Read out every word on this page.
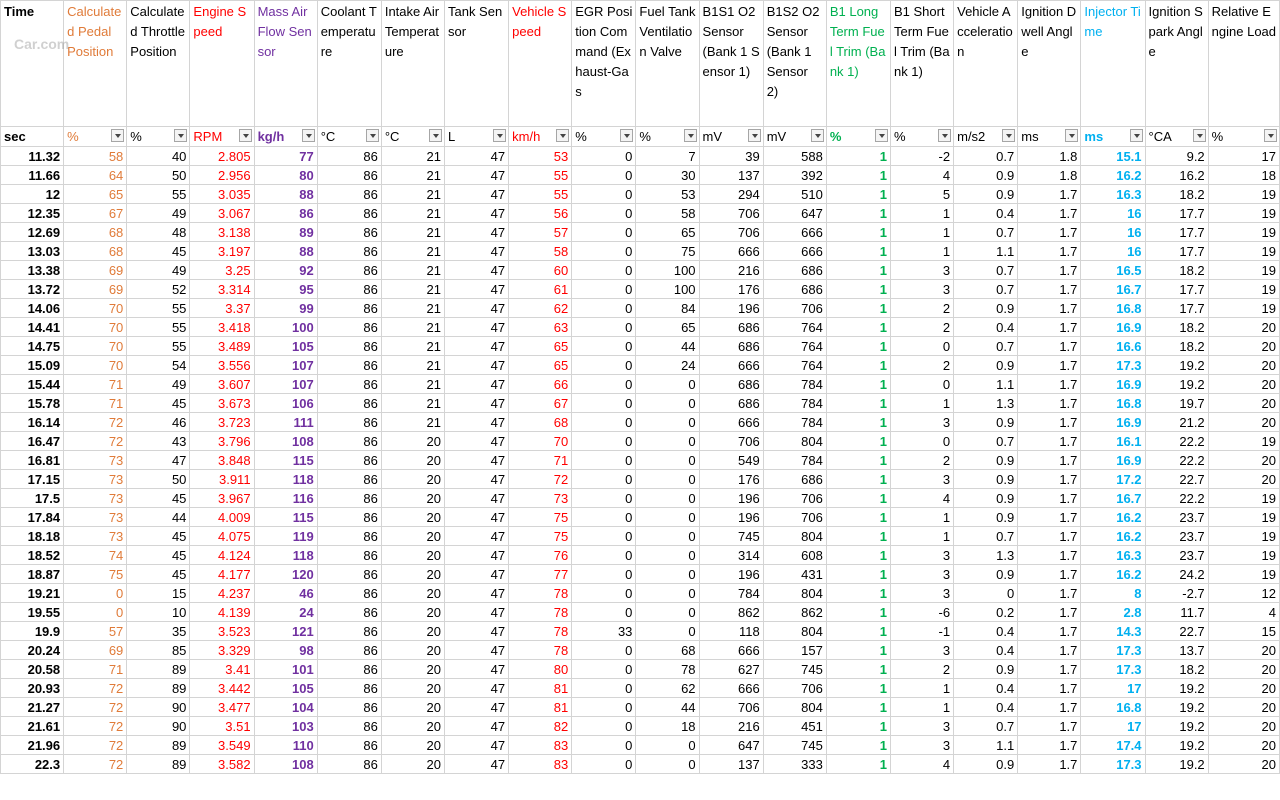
Car.com
Time	Calculated Pedal Position	Calculated Throttle Position	Engine Speed	Mass Air Flow Sensor	Coolant Temperature	Intake Air Temperature	Tank Sensor	Vehicle Speed	EGR Position Command (Exhaust-Gas	Fuel Tank Ventilation Valve	B1S1 O2 Sensor (Bank 1 Sensor 1)	B1S2 O2 Sensor (Bank 1 Sensor 2)	B1 Long Term Fuel Trim (Bank 1)	B1 Short Term Fuel Trim (Bank 1)	Vehicle Acceleration	Ignition Dwell Angle	Injector Time	Ignition Spark Angle	Relative Engine Load
sec	%	%	RPM	kg/h	°C	°C	L	km/h	%	%	mV	mV	%	%	m/s2	ms	ms	°CA	%

11.32	58	40	2.805	77	86	21	47	53	0	7	39	588	1	-2	0.7	1.8	15.1	9.2	17
11.66	64	50	2.956	80	86	21	47	55	0	30	137	392	1	4	0.9	1.8	16.2	16.2	18
12	65	55	3.035	88	86	21	47	55	0	53	294	510	1	5	0.9	1.7	16.3	18.2	19
12.35	67	49	3.067	86	86	21	47	56	0	58	706	647	1	1	0.4	1.7	16	17.7	19
12.69	68	48	3.138	89	86	21	47	57	0	65	706	666	1	1	0.7	1.7	16	17.7	19
13.03	68	45	3.197	88	86	21	47	58	0	75	666	666	1	1	1.1	1.7	16	17.7	19
13.38	69	49	3.25	92	86	21	47	60	0	100	216	686	1	3	0.7	1.7	16.5	18.2	19
13.72	69	52	3.314	95	86	21	47	61	0	100	176	686	1	3	0.7	1.7	16.7	17.7	19
14.06	70	55	3.37	99	86	21	47	62	0	84	196	706	1	2	0.9	1.7	16.8	17.7	19
14.41	70	55	3.418	100	86	21	47	63	0	65	686	764	1	2	0.4	1.7	16.9	18.2	20
14.75	70	55	3.489	105	86	21	47	65	0	44	686	764	1	0	0.7	1.7	16.6	18.2	20
15.09	70	54	3.556	107	86	21	47	65	0	24	666	764	1	2	0.9	1.7	17.3	19.2	20
15.44	71	49	3.607	107	86	21	47	66	0	0	686	784	1	0	1.1	1.7	16.9	19.2	20
15.78	71	45	3.673	106	86	21	47	67	0	0	686	784	1	1	1.3	1.7	16.8	19.7	20
16.14	72	46	3.723	111	86	21	47	68	0	0	666	784	1	3	0.9	1.7	16.9	21.2	20
16.47	72	43	3.796	108	86	20	47	70	0	0	706	804	1	0	0.7	1.7	16.1	22.2	19
16.81	73	47	3.848	115	86	20	47	71	0	0	549	784	1	2	0.9	1.7	16.9	22.2	20
17.15	73	50	3.911	118	86	20	47	72	0	0	176	686	1	3	0.9	1.7	17.2	22.7	20
17.5	73	45	3.967	116	86	20	47	73	0	0	196	706	1	4	0.9	1.7	16.7	22.2	19
17.84	73	44	4.009	115	86	20	47	75	0	0	196	706	1	1	0.9	1.7	16.2	23.7	19
18.18	73	45	4.075	119	86	20	47	75	0	0	745	804	1	1	0.7	1.7	16.2	23.7	19
18.52	74	45	4.124	118	86	20	47	76	0	0	314	608	1	3	1.3	1.7	16.3	23.7	19
18.87	75	45	4.177	120	86	20	47	77	0	0	196	431	1	3	0.9	1.7	16.2	24.2	19
19.21	0	15	4.237	46	86	20	47	78	0	0	784	804	1	3	0	1.7	8	-2.7	12
19.55	0	10	4.139	24	86	20	47	78	0	0	862	862	1	-6	0.2	1.7	2.8	11.7	4
19.9	57	35	3.523	121	86	20	47	78	33	0	118	804	1	-1	0.4	1.7	14.3	22.7	15
20.24	69	85	3.329	98	86	20	47	78	0	68	666	157	1	3	0.4	1.7	17.3	13.7	20
20.58	71	89	3.41	101	86	20	47	80	0	78	627	745	1	2	0.9	1.7	17.3	18.2	20
20.93	72	89	3.442	105	86	20	47	81	0	62	666	706	1	1	0.4	1.7	17	19.2	20
21.27	72	90	3.477	104	86	20	47	81	0	44	706	804	1	1	0.4	1.7	16.8	19.2	20
21.61	72	90	3.51	103	86	20	47	82	0	18	216	451	1	3	0.7	1.7	17	19.2	20
21.96	72	89	3.549	110	86	20	47	83	0	0	647	745	1	3	1.1	1.7	17.4	19.2	20
22.3	72	89	3.582	108	86	20	47	83	0	0	137	333	1	4	0.9	1.7	17.3	19.2	20
